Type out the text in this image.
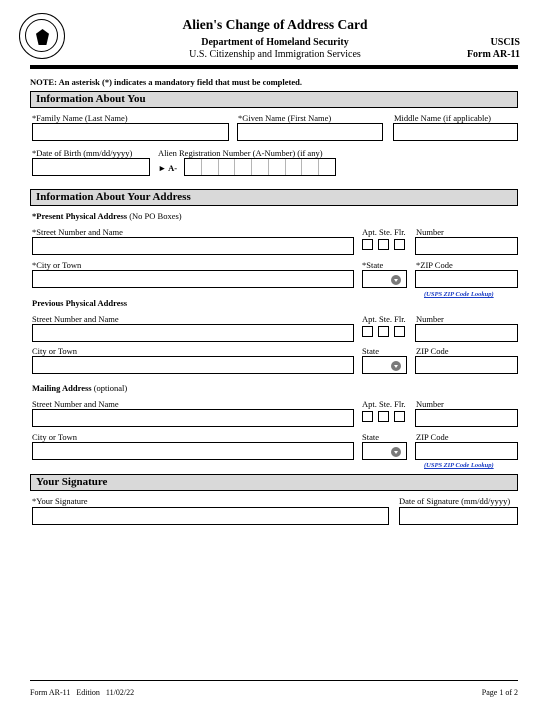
Alien's Change of Address Card
Department of Homeland Security
U.S. Citizenship and Immigration Services
USCIS
Form AR-11
NOTE: An asterisk (*) indicates a mandatory field that must be completed.
Information About You
*Family Name (Last Name)	*Given Name (First Name)	Middle Name (if applicable)
*Date of Birth (mm/dd/yyyy)	Alien Registration Number (A-Number) (if any)
► A-
Information About Your Address
*Present Physical Address (No PO Boxes)
*Street Number and Name	Apt. Ste. Flr. Number
*City or Town	*State	*ZIP Code
(USPS ZIP Code Lookup)
Previous Physical Address
Street Number and Name	Apt. Ste. Flr. Number
City or Town	State	ZIP Code
Mailing Address (optional)
Street Number and Name	Apt. Ste. Flr. Number
City or Town	State	ZIP Code
(USPS ZIP Code Lookup)
Your Signature
*Your Signature	Date of Signature (mm/dd/yyyy)
Form AR-11   Edition   11/02/22	Page 1 of 2
